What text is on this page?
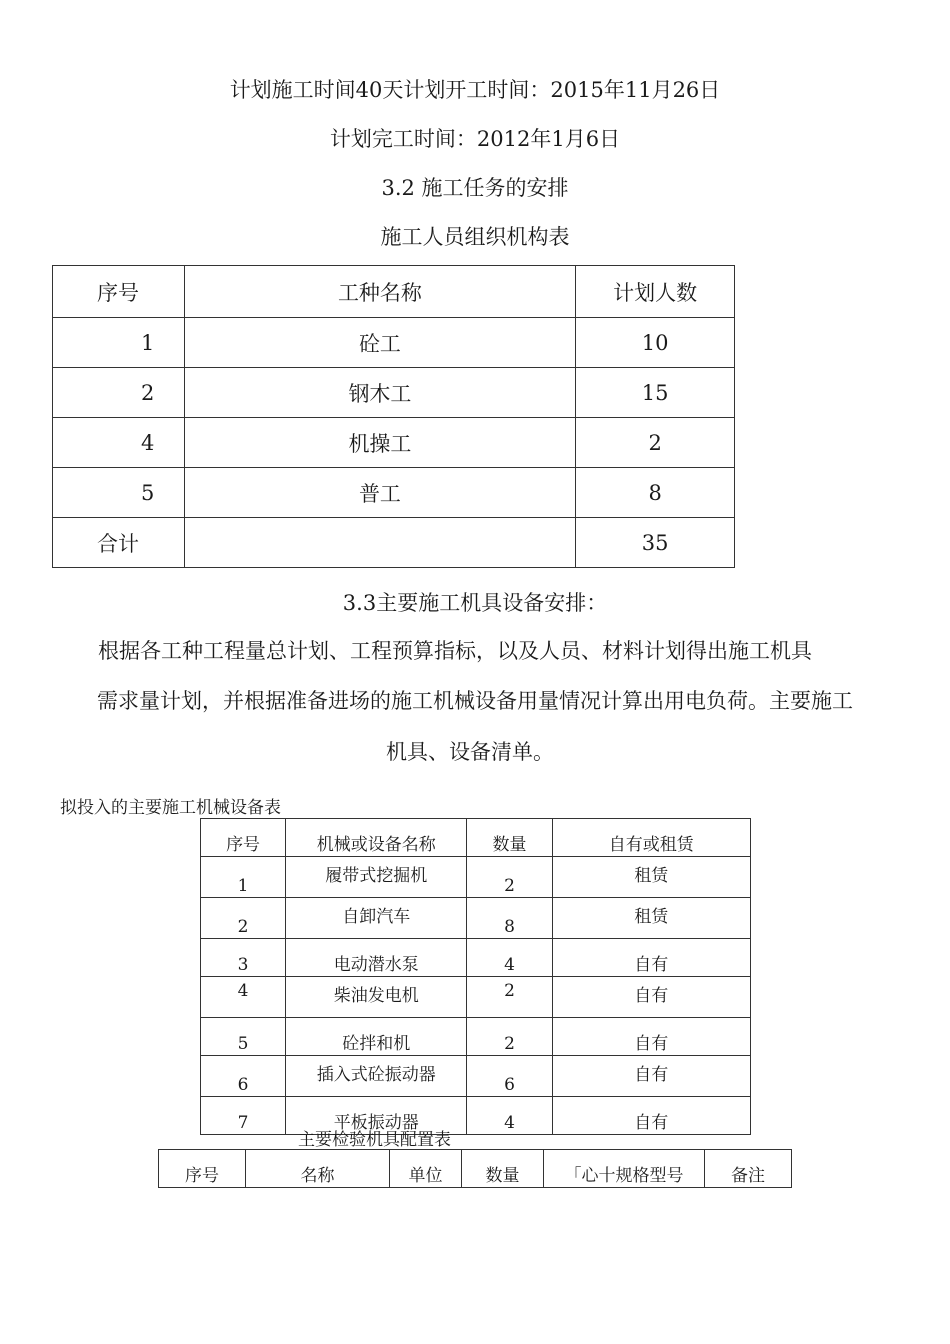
计划施工时间40天计划开工时间：2015年11月26日
计划完工时间：2012年1月6日
3.2 施工任务的安排
施工人员组织机构表
序号	工种名称	计划人数
1	砼工	10
2	钢木工	15
4	机操工	2
5	普工	8
合计		35
3.3主要施工机具设备安排：
根据各工种工程量总计划、工程预算指标，以及人员、材料计划得出施工机具
需求量计划，并根据准备进场的施工机械设备用量情况计算出用电负荷。主要施工
机具、设备清单。
拟投入的主要施工机械设备表
序号	机械或设备名称	数量	自有或租赁
1	履带式挖掘机	2	租赁
2	自卸汽车	8	租赁
3	电动潜水泵	4	自有
4	柴油发电机	2	自有
5	砼拌和机	2	自有
6	插入式砼振动器	6	自有
7	平板振动器	4	自有
主要检验机具配置表
序号	名称	单位	数量	「心十规格型号	备注
